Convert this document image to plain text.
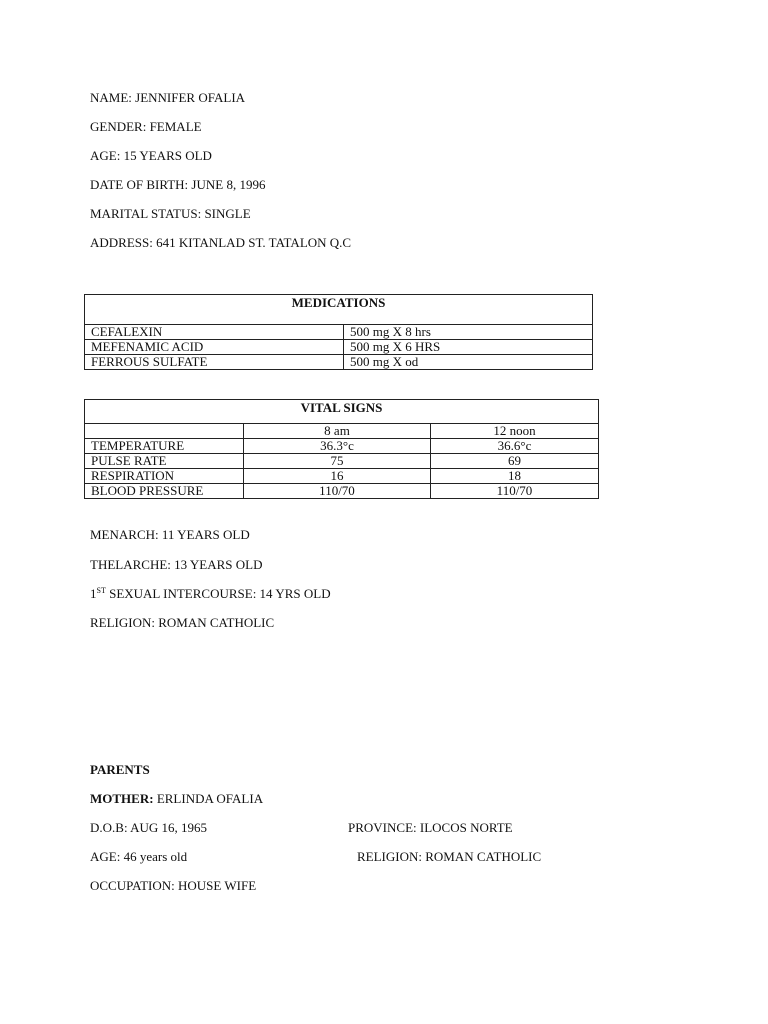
NAME: JENNIFER OFALIA
GENDER: FEMALE
AGE: 15 YEARS OLD
DATE OF BIRTH: JUNE 8, 1996
MARITAL STATUS: SINGLE
ADDRESS: 641 KITANLAD ST. TATALON Q.C
MEDICATIONS	
CEFALEXIN	500 mg X 8 hrs
MEFENAMIC ACID	500 mg X 6 HRS
FERROUS SULFATE	500 mg X od
VITAL SIGNS		
	8 am	12 noon
TEMPERATURE	36.3°c	36.6°c
PULSE RATE	75	69
RESPIRATION	16	18
BLOOD PRESSURE	110/70	110/70
MENARCH: 11 YEARS OLD
THELARCHE: 13 YEARS OLD
1ST SEXUAL INTERCOURSE: 14 YRS OLD
RELIGION: ROMAN CATHOLIC
PARENTS
MOTHER: ERLINDA OFALIA
D.O.B: AUG 16, 1965	PROVINCE: ILOCOS NORTE
AGE: 46 years old	RELIGION: ROMAN CATHOLIC
OCCUPATION: HOUSE WIFE
